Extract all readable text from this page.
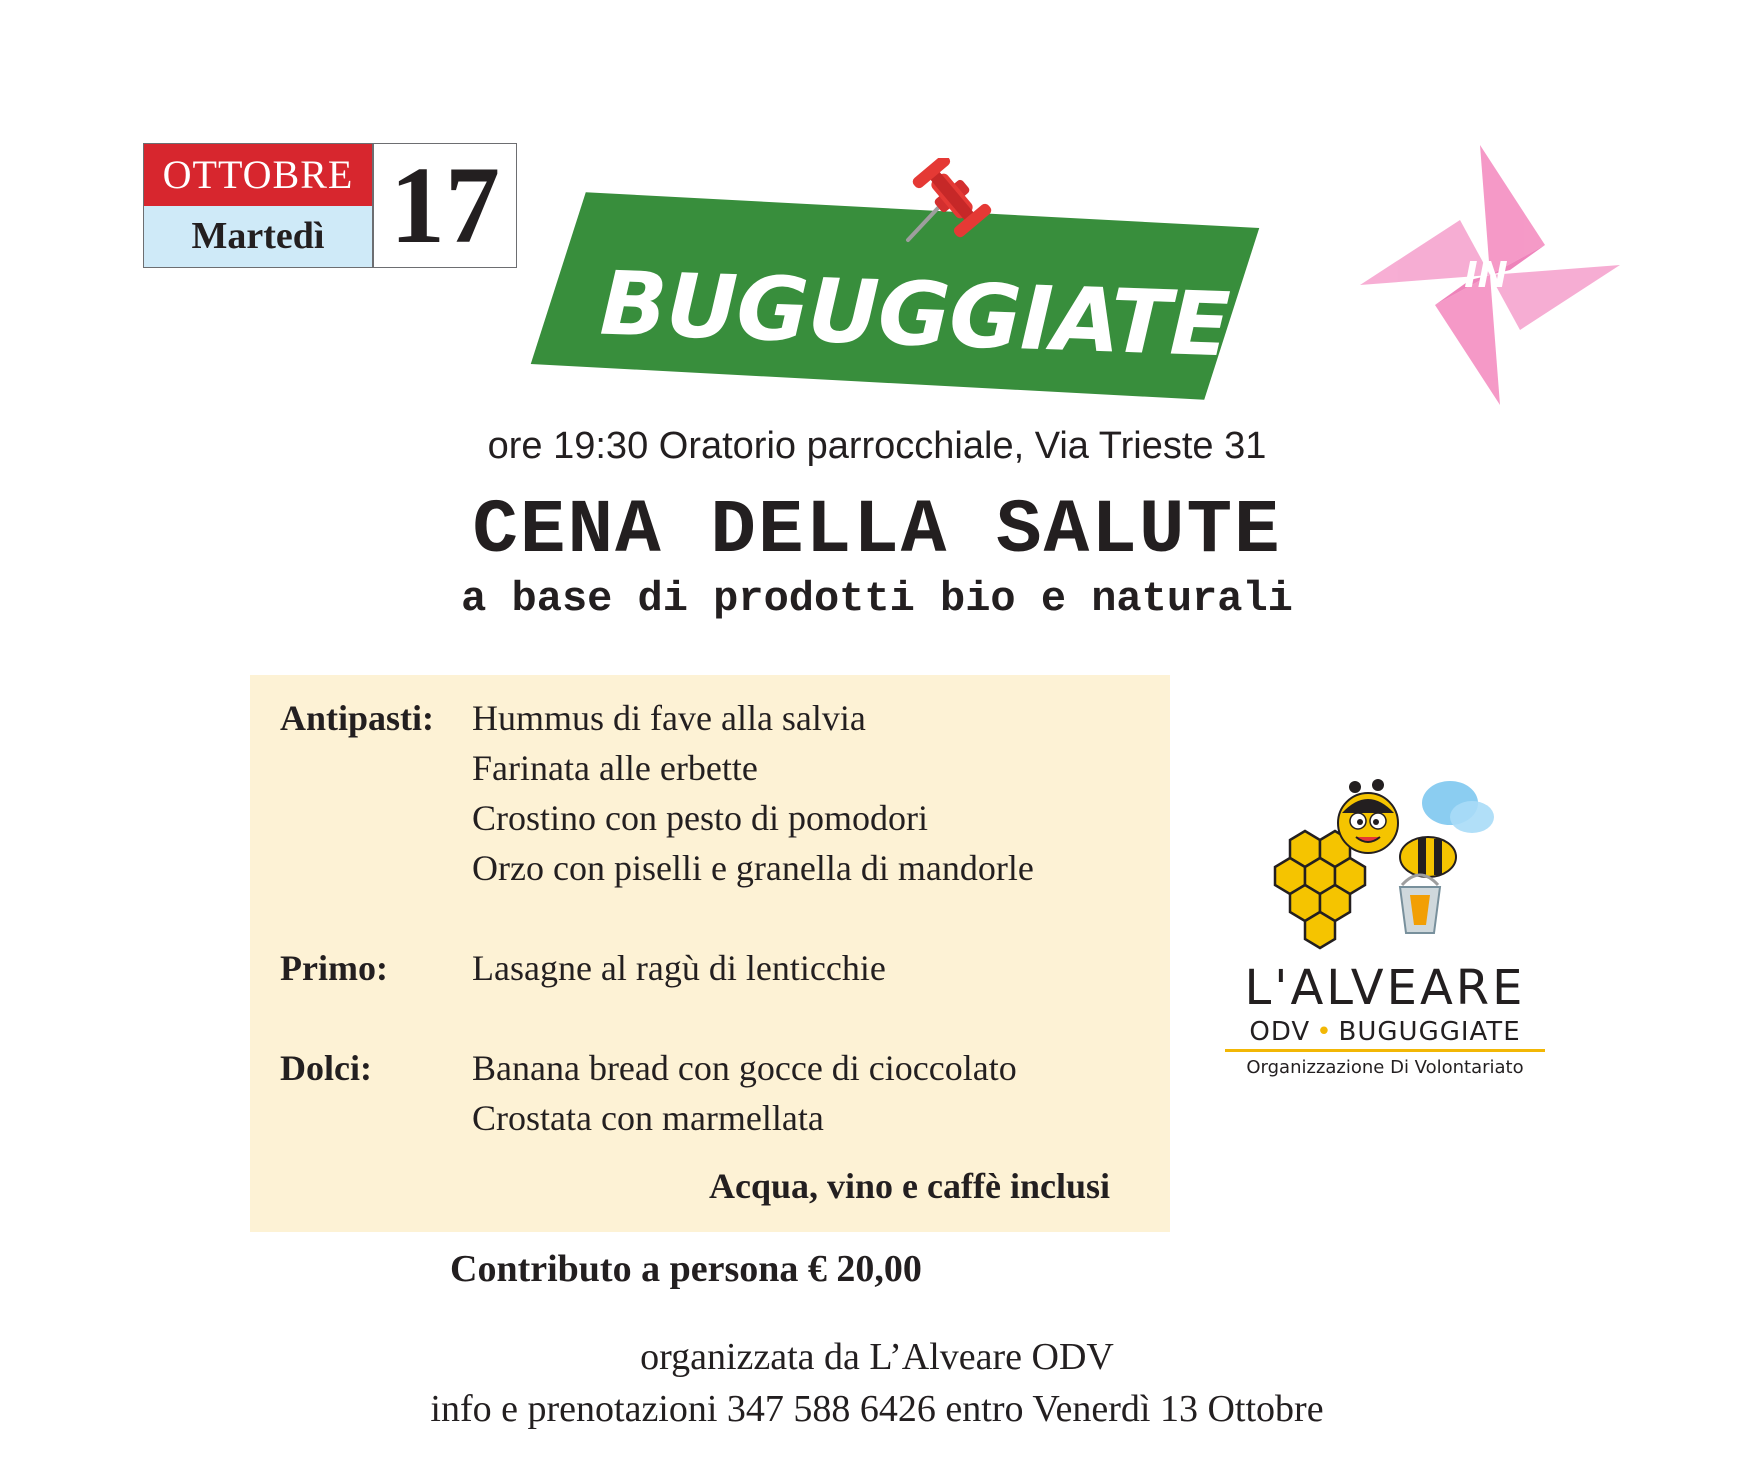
OTTOBRE
Martedì 17
BUGUGGIATE	IN
ore 19:30 Oratorio parrocchiale, Via Trieste 31
CENA DELLA SALUTE
a base di prodotti bio e naturali
Antipasti: Hummus di fave alla salvia
Farinata alle erbette
Crostino con pesto di pomodori
Orzo con piselli e granella di mandorle
Primo: Lasagne al ragù di lenticchie
Dolci:	Banana bread con gocce di cioccolato
Crostata con marmellata
Acqua, vino e caffè inclusi
Contributo a persona € 20,00
organizzata da L’Alveare ODV
info e prenotazioni 347 588 6426 entro Venerdì 13 Ottobre
L'ALVEARE
ODV • BUGUGGIATE
Organizzazione Di Volontariato
